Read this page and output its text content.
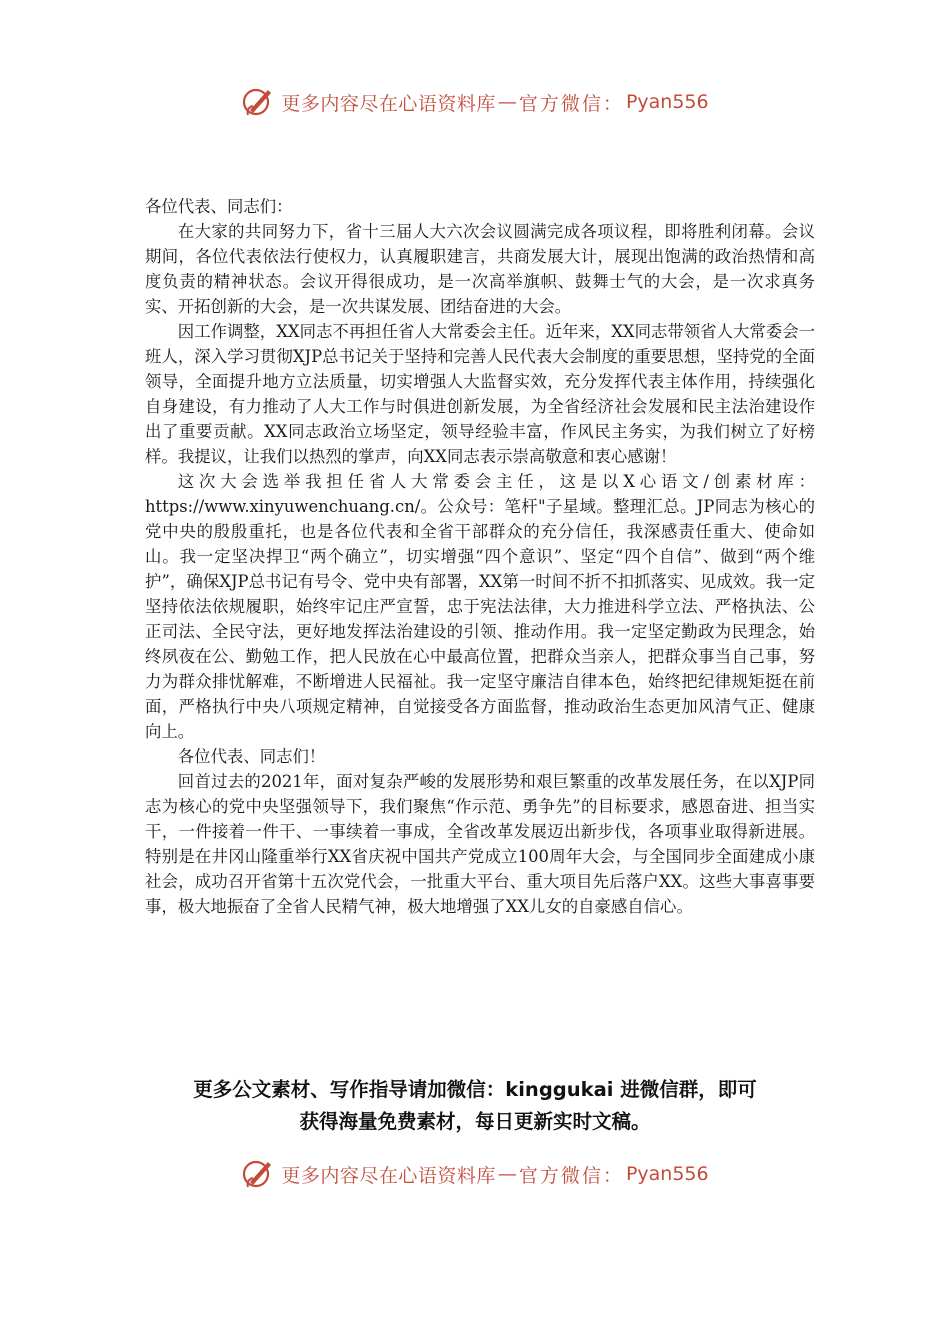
更多内容尽在心语资料库 — 官方微信： Pyan556

各位代表、同志们：

在大家的共同努力下，省十三届人大六次会议圆满完成各项议程，即将胜利闭幕。会议期间，各位代表依法行使权力，认真履职建言，共商发展大计，展现出饱满的政治热情和高度负责的精神状态。会议开得很成功，是一次高举旗帜、鼓舞士气的大会，是一次求真务实、开拓创新的大会，是一次共谋发展、团结奋进的大会。

因工作调整，XX同志不再担任省人大常委会主任。近年来，XX同志带领省人大常委会一班人，深入学习贯彻XJP总书记关于坚持和完善人民代表大会制度的重要思想，坚持党的全面领导，全面提升地方立法质量，切实增强人大监督实效，充分发挥代表主体作用，持续强化自身建设，有力推动了人大工作与时俱进创新发展，为全省经济社会发展和民主法治建设作出了重要贡献。XX同志政治立场坚定，领导经验丰富，作风民主务实，为我们树立了好榜样。我提议，让我们以热烈的掌声，向XX同志表示崇高敬意和衷心感谢！

这次大会选举我担任省人大常委会主任，这是以X心语文/创素材库：https://www.xinyuwenchuang.cn/。公众号：笔杆"子星域。整理汇总。JP同志为核心的党中央的殷殷重托，也是各位代表和全省干部群众的充分信任，我深感责任重大、使命如山。我一定坚决捍卫“两个确立”，切实增强“四个意识”、坚定“四个自信”、做到“两个维护”，确保XJP总书记有号令、党中央有部署，XX第一时间不折不扣抓落实、见成效。我一定坚持依法依规履职，始终牢记庄严宣誓，忠于宪法法律，大力推进科学立法、严格执法、公正司法、全民守法，更好地发挥法治建设的引领、推动作用。我一定坚定勤政为民理念，始终夙夜在公、勤勉工作，把人民放在心中最高位置，把群众当亲人，把群众事当自己事，努力为群众排忧解难，不断增进人民福祉。我一定坚守廉洁自律本色，始终把纪律规矩挺在前面，严格执行中央八项规定精神，自觉接受各方面监督，推动政治生态更加风清气正、健康向上。

各位代表、同志们！

回首过去的2021年，面对复杂严峻的发展形势和艰巨繁重的改革发展任务，在以XJP同志为核心的党中央坚强领导下，我们聚焦“作示范、勇争先”的目标要求，感恩奋进、担当实干，一件接着一件干、一事续着一事成，全省改革发展迈出新步伐，各项事业取得新进展。特别是在井冈山隆重举行XX省庆祝中国共产党成立100周年大会，与全国同步全面建成小康社会，成功召开省第十五次党代会，一批重大平台、重大项目先后落户XX。这些大事喜事要事，极大地振奋了全省人民精气神，极大地增强了XX儿女的自豪感自信心。

更多公文素材、写作指导请加微信：kinggukai 进微信群，即可
获得海量免费素材，每日更新实时文稿。
更多内容尽在心语资料库 — 官方微信： Pyan556
